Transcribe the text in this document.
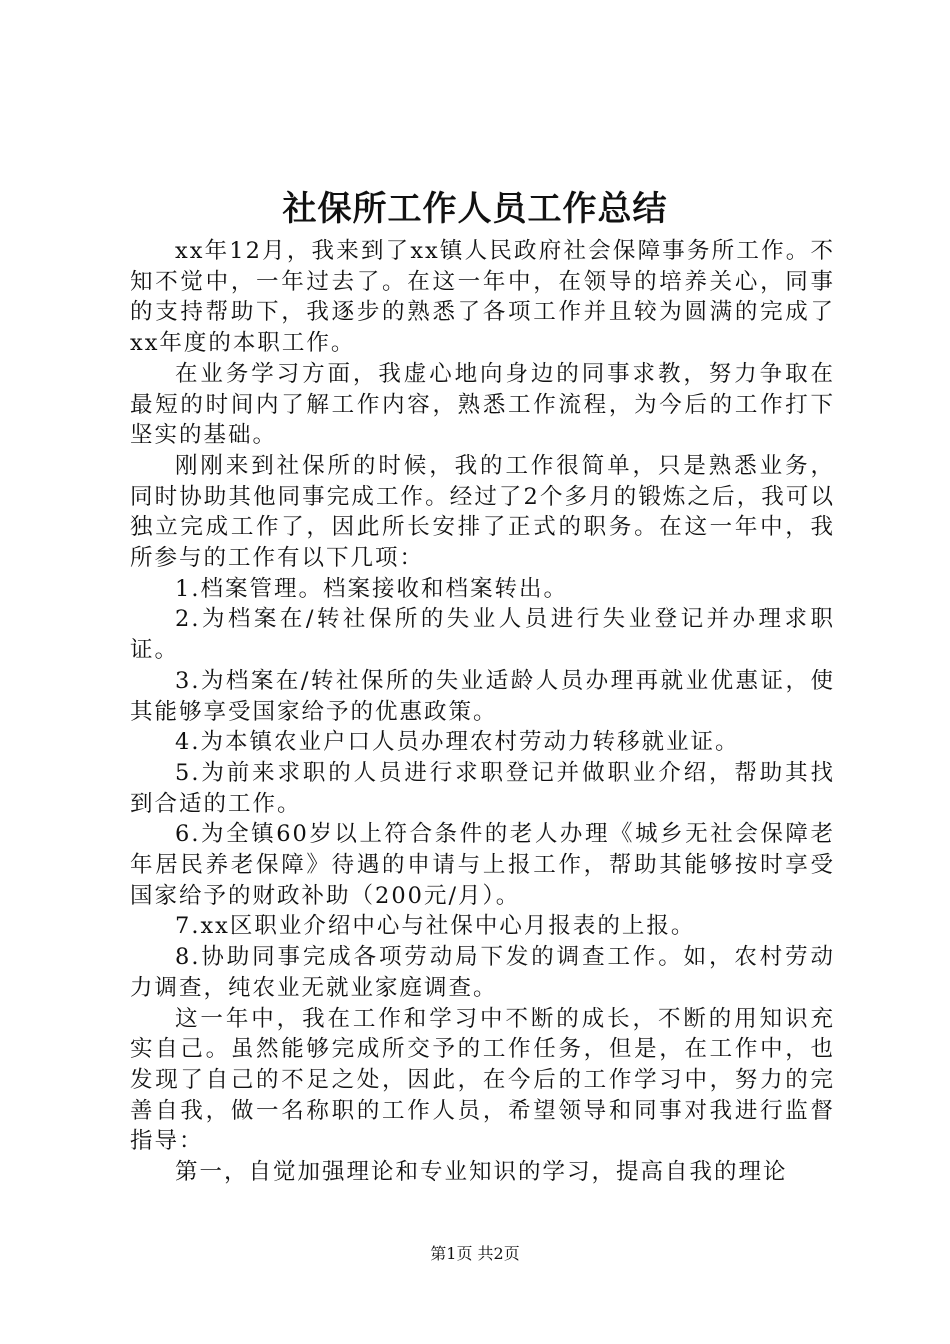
社保所工作人员工作总结

xx年12月，我来到了xx镇人民政府社会保障事务所工作。不知不觉中，一年过去了。在这一年中，在领导的培养关心，同事的支持帮助下，我逐步的熟悉了各项工作并且较为圆满的完成了xx年度的本职工作。

在业务学习方面，我虚心地向身边的同事求教，努力争取在最短的时间内了解工作内容，熟悉工作流程，为今后的工作打下坚实的基础。

刚刚来到社保所的时候，我的工作很简单，只是熟悉业务，同时协助其他同事完成工作。经过了2个多月的锻炼之后，我可以独立完成工作了，因此所长安排了正式的职务。在这一年中，我所参与的工作有以下几项：

1.档案管理。档案接收和档案转出。

2.为档案在/转社保所的失业人员进行失业登记并办理求职证。

3.为档案在/转社保所的失业适龄人员办理再就业优惠证，使其能够享受国家给予的优惠政策。

4.为本镇农业户口人员办理农村劳动力转移就业证。

5.为前来求职的人员进行求职登记并做职业介绍，帮助其找到合适的工作。

6.为全镇60岁以上符合条件的老人办理《城乡无社会保障老年居民养老保障》待遇的申请与上报工作，帮助其能够按时享受国家给予的财政补助（200元/月）。

7.xx区职业介绍中心与社保中心月报表的上报。

8.协助同事完成各项劳动局下发的调查工作。如，农村劳动力调查，纯农业无就业家庭调查。

这一年中，我在工作和学习中不断的成长，不断的用知识充实自己。虽然能够完成所交予的工作任务，但是，在工作中，也发现了自己的不足之处，因此，在今后的工作学习中，努力的完善自我，做一名称职的工作人员，希望领导和同事对我进行监督指导：

第一，自觉加强理论和专业知识的学习，提高自我的理论

第1页 共2页
